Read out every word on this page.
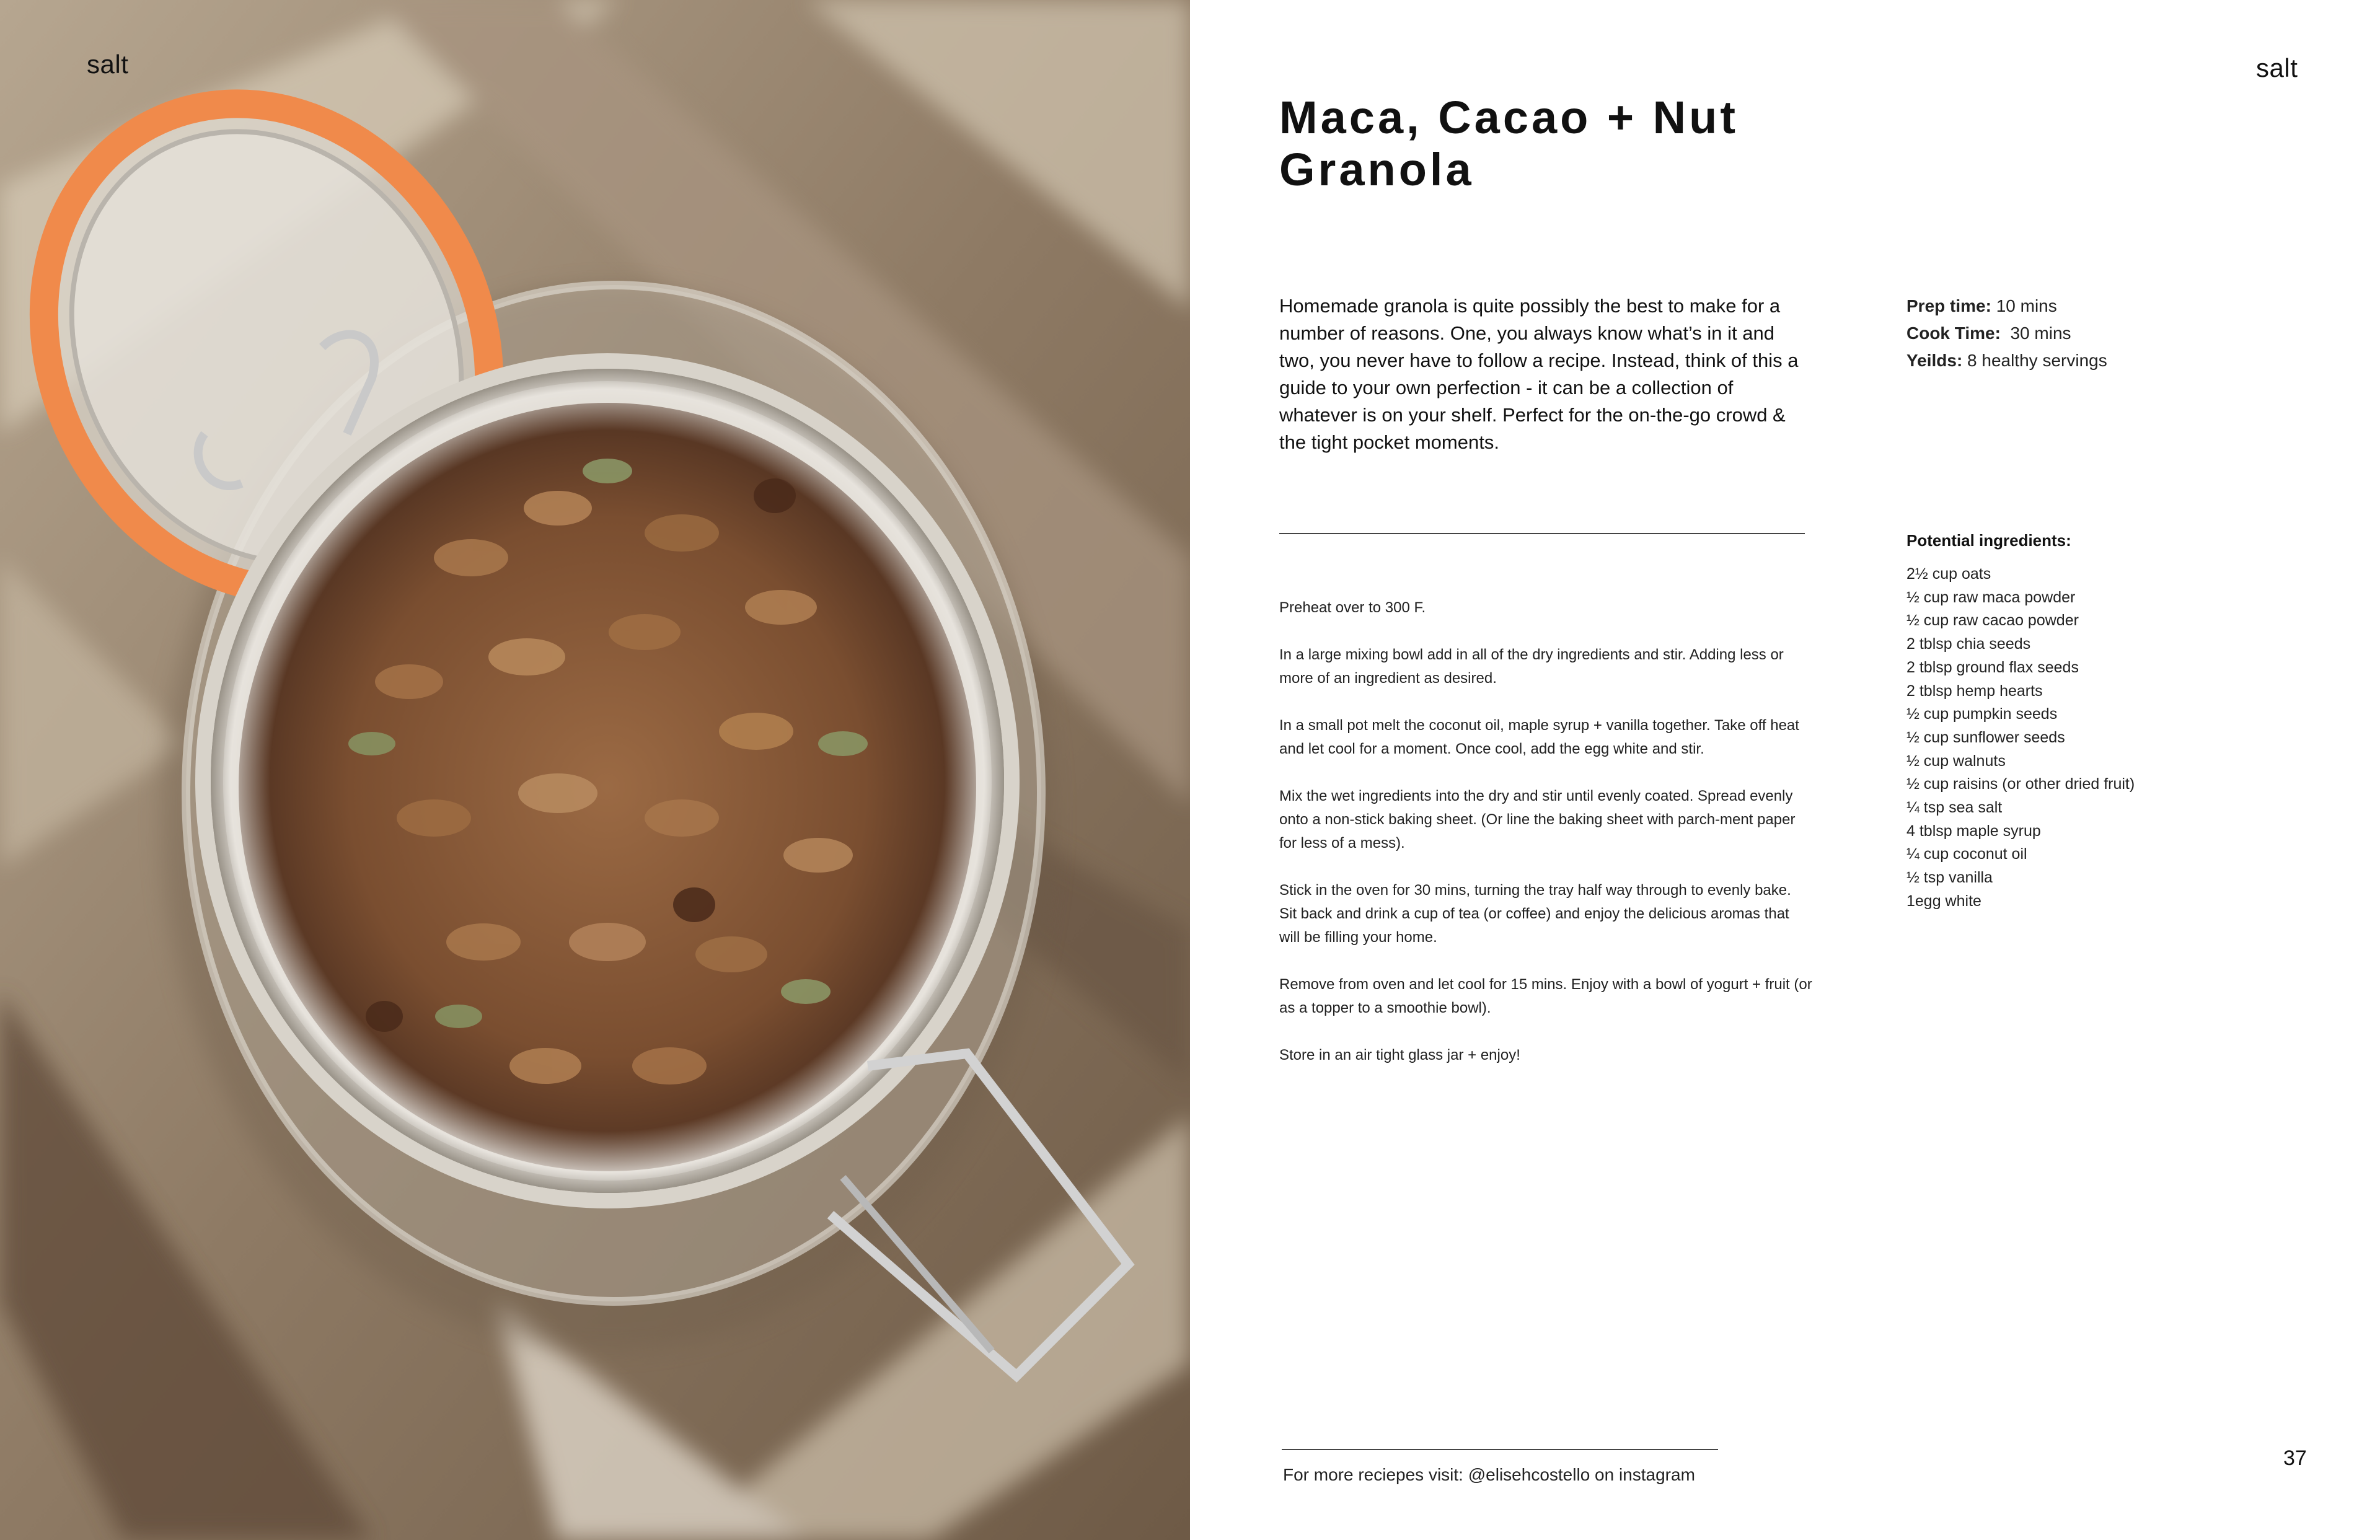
salt	salt
Maca, Cacao + Nut Granola
Homemade granola is quite possibly the best to make for a number of reasons. One, you always know what’s in it and two, you never have to follow a recipe. Instead, think of this a guide to your own perfection - it can be a collection of whatever is on your shelf. Perfect for the on-the-go crowd & the tight pocket moments.
Prep time: 10 mins
Cook Time:  30 mins
Yeilds: 8 healthy servings

Preheat over to 300 F.

In a large mixing bowl add in all of the dry ingredients and stir. Adding less or more of an ingredient as desired.

In a small pot melt the coconut oil, maple syrup + vanilla together. Take off heat and let cool for a moment. Once cool, add the egg white and stir.

Mix the wet ingredients into the dry and stir until evenly coated. Spread evenly onto a non-stick baking sheet. (Or line the baking sheet with parch-ment paper for less of a mess).

Stick in the oven for 30 mins, turning the tray half way through to evenly bake. Sit back and drink a cup of tea (or coffee) and enjoy the delicious aromas that will be filling your home.

Remove from oven and let cool for 15 mins. Enjoy with a bowl of yogurt + fruit (or as a topper to a smoothie bowl).

Store in an air tight glass jar + enjoy!

Potential ingredients:
2½ cup oats
½ cup raw maca powder
½ cup raw cacao powder
2 tblsp chia seeds
2 tblsp ground flax seeds
2 tblsp hemp hearts
½ cup pumpkin seeds
½ cup sunflower seeds
½ cup walnuts
½ cup raisins (or other dried fruit)
¼ tsp sea salt
4 tblsp maple syrup
¼ cup coconut oil
½ tsp vanilla
1egg white
For more reciepes visit: @elisehcostello on instagram
37
